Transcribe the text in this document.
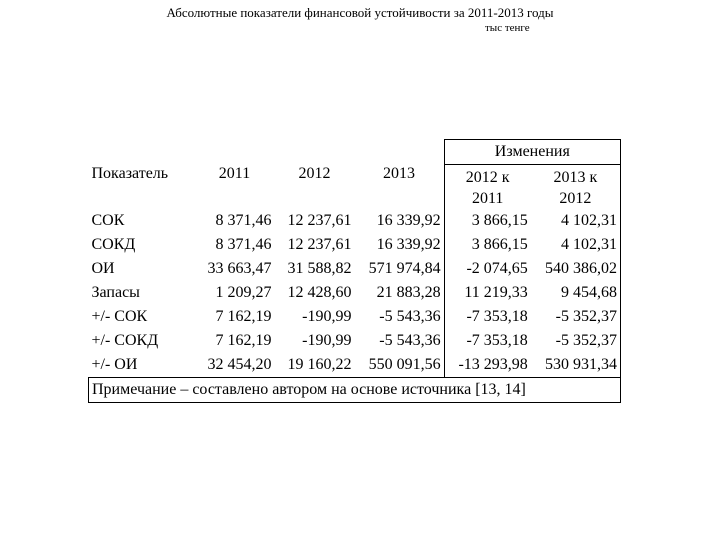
Абсолютные показатели финансовой устойчивости за 2011-2013 годы
тыс тенге
Показатель	2011	2012	2013	Изменения	
				2012 к	2013 к
				2011	2012
СОК	8 371,46	12 237,61	16 339,92	3 866,15	4 102,31
СОКД	8 371,46	12 237,61	16 339,92	3 866,15	4 102,31
ОИ	33 663,47	31 588,82	571 974,84	-2 074,65	540 386,02
Запасы	1 209,27	12 428,60	21 883,28	11 219,33	9 454,68
+/- СОК	7 162,19	-190,99	-5 543,36	-7 353,18	-5 352,37
+/- СОКД	7 162,19	-190,99	-5 543,36	-7 353,18	-5 352,37
+/- ОИ	32 454,20	19 160,22	550 091,56	-13 293,98	530 931,34
Примечание – составлено автором на основе источника [13, 14]					
